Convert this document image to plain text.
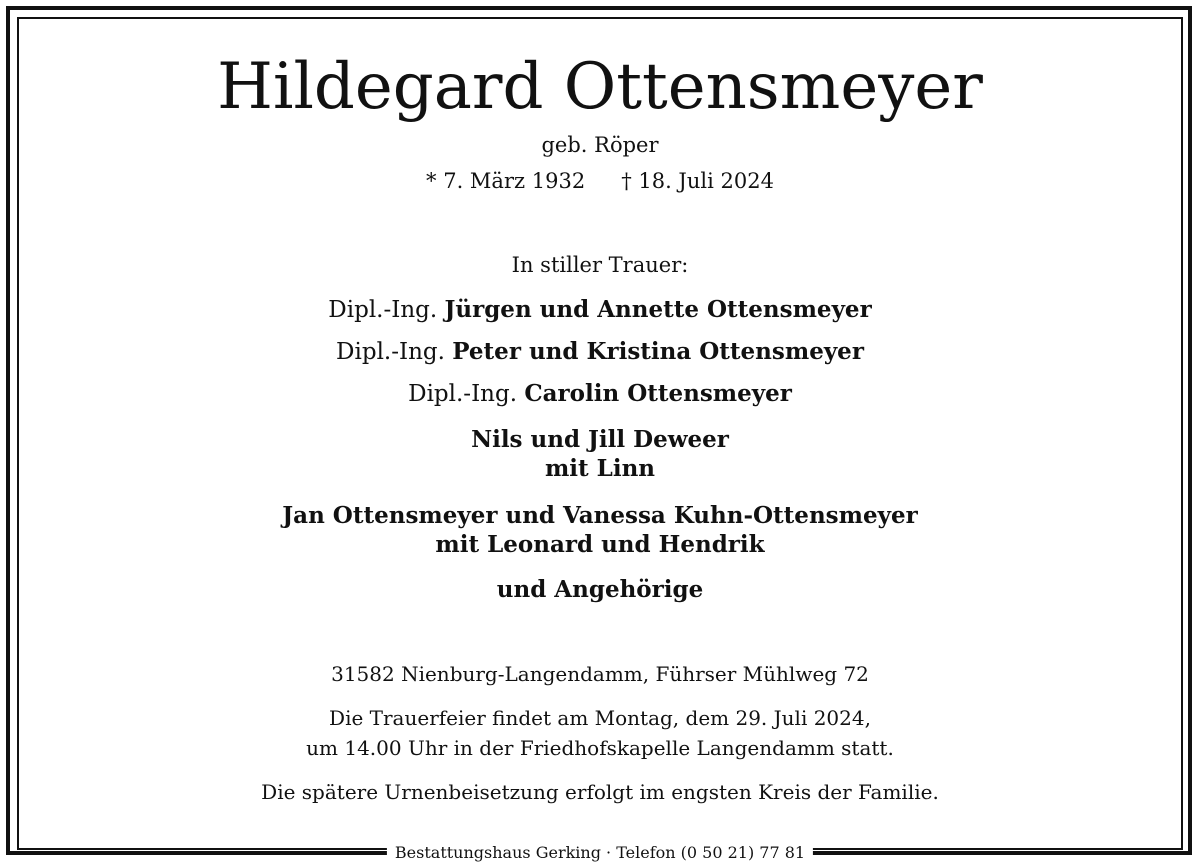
Hildegard Ottensmeyer
geb. Röper
* 7. März 1932 † 18. Juli 2024
In stiller Trauer:
Dipl.-Ing. Jürgen und Annette Ottensmeyer
Dipl.-Ing. Peter und Kristina Ottensmeyer
Dipl.-Ing. Carolin Ottensmeyer
Nils und Jill Deweer
mit Linn
Jan Ottensmeyer und Vanessa Kuhn-Ottensmeyer
mit Leonard und Hendrik
und Angehörige
31582 Nienburg-Langendamm, Führser Mühlweg 72
Die Trauerfeier findet am Montag, dem 29. Juli 2024,
um 14.00 Uhr in der Friedhofskapelle Langendamm statt.
Die spätere Urnenbeisetzung erfolgt im engsten Kreis der Familie.
Bestattungshaus Gerking · Telefon (0 50 21) 77 81
